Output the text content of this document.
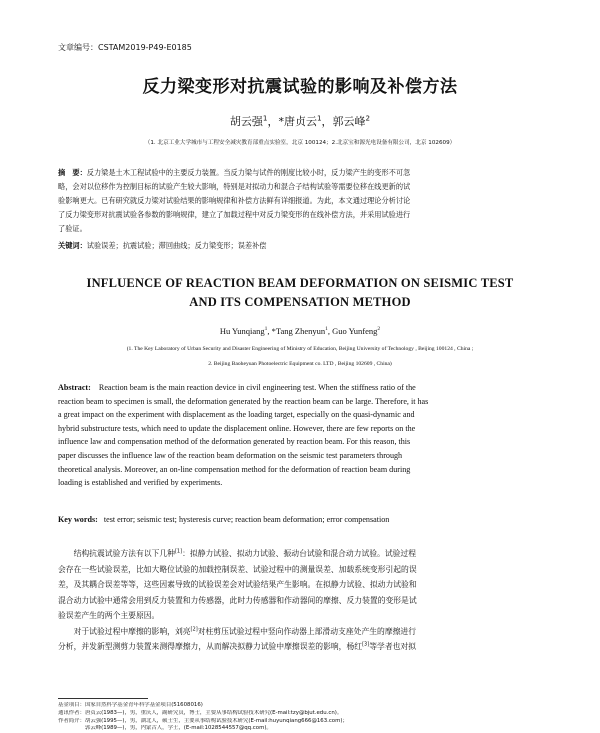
文章编号：CSTAM2019-P49-E0185
反力梁变形对抗震试验的影响及补偿方法
胡云强$^1$，*唐贞云$^1$，郭云峰$^2$
（1. 北京工业大学城市与工程安全减灾教育部重点实验室，北京 100124；2.北京宝和源光电设备有限公司，北京 102609）
摘　要：反力梁是土木工程试验中的主要反力装置。当反力梁与试件的刚度比较小时，反力梁产生的变形不可忽
略，会对以位移作为控制目标的试验产生较大影响，特别是对拟动力和混合子结构试验等需要位移在线更新的试
验影响更大。已有研究就反力梁对试验结果的影响规律和补偿方法鲜有详细报道。为此，本文通过理论分析讨论
了反力梁变形对抗震试验各参数的影响规律，建立了加载过程中对反力梁变形的在线补偿方法，并采用试验进行
了验证。
关键词：试验误差；抗震试验；滞回曲线；反力梁变形；误差补偿
INFLUENCE OF REACTION BEAM DEFORMATION ON SEISMIC TEST
AND ITS COMPENSATION METHOD
Hu Yunqiang$^1$, *Tang Zhenyun$^1$, Guo Yunfeng$^2$
(1. The Key Laboratory of Urban Security and Disaster Engineering of Ministry of Education, Beijing University of Technology , Beijing 100124 , China ;
2. Beijing Baoheyuan Photoelectric Equipment co. LTD , Beijing 102609 , China)
Abstract: Reaction beam is the main reaction device in civil engineering test. When the stiffness ratio of the
reaction beam to specimen is small, the deformation generated by the reaction beam can be large. Therefore, it has
a great impact on the experiment with displacement as the loading target, especially on the quasi-dynamic and
hybrid substructure tests, which need to update the displacement online. However, there are few reports on the
influence law and compensation method of the deformation generated by reaction beam. For this reason, this
paper discusses the influence law of the reaction beam deformation on the seismic test parameters through
theoretical analysis. Moreover, an on-line compensation method for the deformation of reaction beam during
loading is established and verified by experiments.
Key words: test error; seismic test; hysteresis curve; reaction beam deformation; error compensation
　　结构抗震试验方法有以下几种[1]：拟静力试验、拟动力试验、振动台试验和混合动力试验。试验过程
会存在一些试验误差，比如大略位试验的加载控制误差、试验过程中的测量误差、加载系统变形引起的误
差，及其耦合误差等等，这些因素导致的试验误差会对试验结果产生影响。在拟静力试验、拟动力试验和
混合动力试验中通常会用到反力装置和力传感器，此时力传感器和作动器间的摩擦、反力装置的变形是试
验误差产生的两个主要原因。
　　对于试验过程中摩擦的影响，刘亮[2]对柱剪压试验过程中竖向作动器上部滑动支座处产生的摩擦进行
分析，并发新型测剪力装置来测得摩擦力，从而解决拟静力试验中摩擦误差的影响，杨红[3]等学者也对拟
基金项目：国家自然科学基金青年科学基金项目(51608016)
通讯作者：唐贞云(1983—)，男，重庆人，副研究员，博士，主要从事结构试验技术研究(E-mail:tzy@bjut.edu.cn)。
作者简介：胡云强(1995—)，男，湖北人，硕士生，主要从事结构试验技术研究(E-mail:huyunqiang666@163.com)；
　　　　　郭云峰(1989—)，男，内蒙古人，学士，(E-mail:1028544557@qq.com)。
